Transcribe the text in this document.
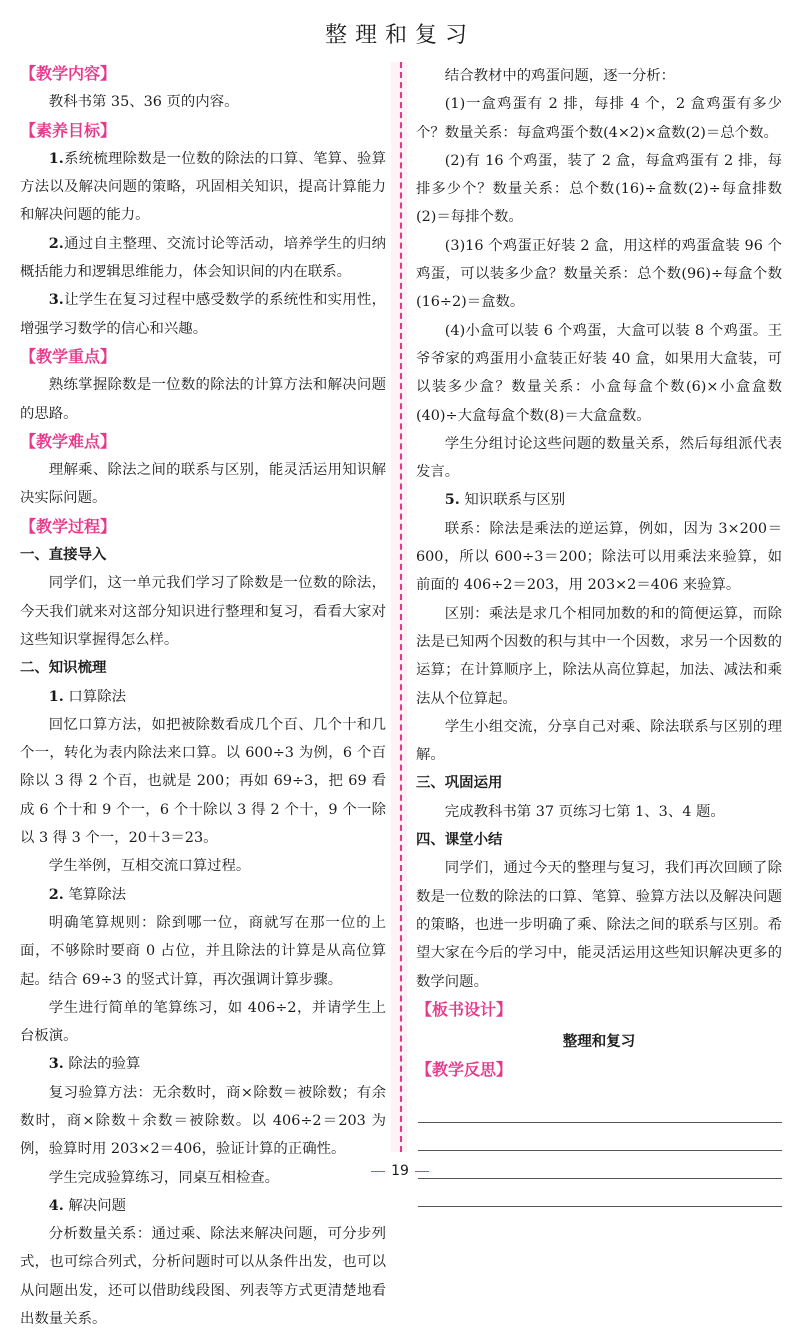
整理和复习
【教学内容】

教科书第 35、36 页的内容。

【素养目标】

1.系统梳理除数是一位数的除法的口算、笔算、验算方法以及解决问题的策略，巩固相关知识，提高计算能力和解决问题的能力。

2.通过自主整理、交流讨论等活动，培养学生的归纳概括能力和逻辑思维能力，体会知识间的内在联系。

3.让学生在复习过程中感受数学的系统性和实用性，增强学习数学的信心和兴趣。

【教学重点】

熟练掌握除数是一位数的除法的计算方法和解决问题的思路。

【教学难点】

理解乘、除法之间的联系与区别，能灵活运用知识解决实际问题。

【教学过程】
一、直接导入

同学们，这一单元我们学习了除数是一位数的除法，今天我们就来对这部分知识进行整理和复习，看看大家对这些知识掌握得怎么样。

二、知识梳理

1. 口算除法

回忆口算方法，如把被除数看成几个百、几个十和几个一，转化为表内除法来口算。以 600÷3 为例，6 个百除以 3 得 2 个百，也就是 200；再如 69÷3，把 69 看成 6 个十和 9 个一，6 个十除以 3 得 2 个十，9 个一除以 3 得 3 个一，20＋3＝23。

学生举例，互相交流口算过程。

2. 笔算除法

明确笔算规则：除到哪一位，商就写在那一位的上面，不够除时要商 0 占位，并且除法的计算是从高位算起。结合 69÷3 的竖式计算，再次强调计算步骤。

学生进行简单的笔算练习，如 406÷2，并请学生上台板演。

3. 除法的验算

复习验算方法：无余数时，商×除数＝被除数；有余数时，商×除数＋余数＝被除数。以 406÷2＝203 为例，验算时用 203×2＝406，验证计算的正确性。

学生完成验算练习，同桌互相检查。

4. 解决问题

分析数量关系：通过乘、除法来解决问题，可分步列式，也可综合列式，分析问题时可以从条件出发，也可以从问题出发，还可以借助线段图、列表等方式更清楚地看出数量关系。

结合教材中的鸡蛋问题，逐一分析：

(1)一盒鸡蛋有 2 排，每排 4 个，2 盒鸡蛋有多少个？数量关系：每盒鸡蛋个数(4×2)×盒数(2)＝总个数。

(2)有 16 个鸡蛋，装了 2 盒，每盒鸡蛋有 2 排，每排多少个？数量关系：总个数(16)÷盒数(2)÷每盒排数(2)＝每排个数。

(3)16 个鸡蛋正好装 2 盒，用这样的鸡蛋盒装 96 个鸡蛋，可以装多少盒？数量关系：总个数(96)÷每盒个数(16÷2)＝盒数。

(4)小盒可以装 6 个鸡蛋，大盒可以装 8 个鸡蛋。王爷爷家的鸡蛋用小盒装正好装 40 盒，如果用大盒装，可以装多少盒？数量关系：小盒每盒个数(6)×小盒盒数(40)÷大盒每盒个数(8)＝大盒盒数。

学生分组讨论这些问题的数量关系，然后每组派代表发言。

5. 知识联系与区别

联系：除法是乘法的逆运算，例如，因为 3×200＝600，所以 600÷3＝200；除法可以用乘法来验算，如前面的 406÷2＝203，用 203×2＝406 来验算。

区别：乘法是求几个相同加数的和的简便运算，而除法是已知两个因数的积与其中一个因数，求另一个因数的运算；在计算顺序上，除法从高位算起，加法、减法和乘法从个位算起。

学生小组交流，分享自己对乘、除法联系与区别的理解。

三、巩固运用

完成教科书第 37 页练习七第 1、3、4 题。

四、课堂小结

同学们，通过今天的整理与复习，我们再次回顾了除数是一位数的除法的口算、笔算、验算方法以及解决问题的策略，也进一步明确了乘、除法之间的联系与区别。希望大家在今后的学习中，能灵活运用这些知识解决更多的数学问题。

【板书设计】
整理和复习
【教学反思】
19
